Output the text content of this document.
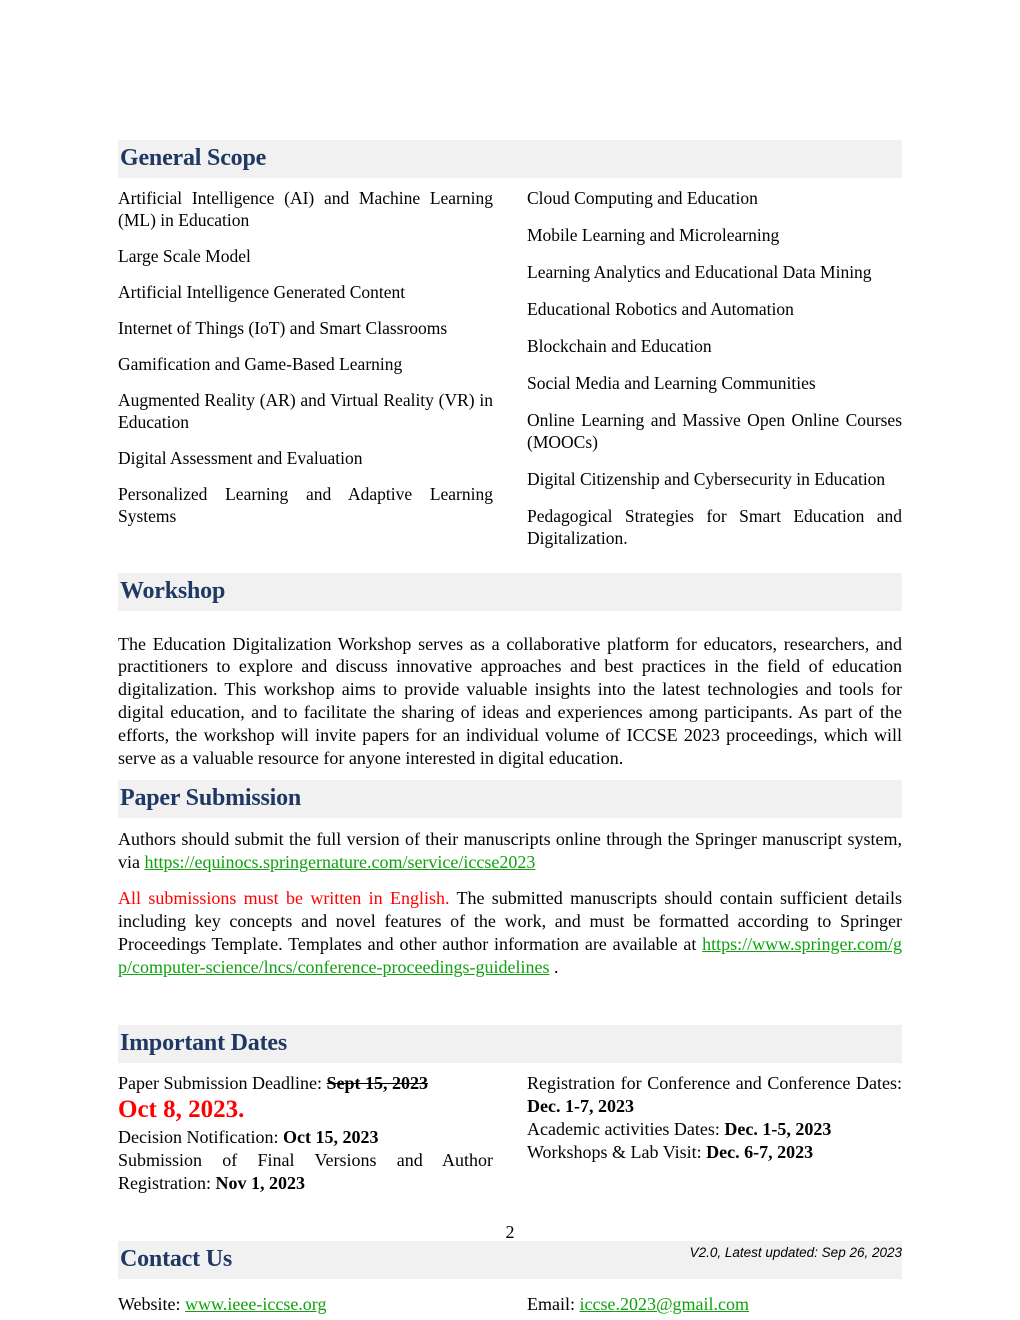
General Scope

Artificial Intelligence (AI) and Machine Learning (ML) in Education

Large Scale Model

Artificial Intelligence Generated Content

Internet of Things (IoT) and Smart Classrooms

Gamification and Game-Based Learning

Augmented Reality (AR) and Virtual Reality (VR) in Education

Digital Assessment and Evaluation

Personalized Learning and Adaptive Learning Systems

Cloud Computing and Education

Mobile Learning and Microlearning

Learning Analytics and Educational Data Mining

Educational Robotics and Automation

Blockchain and Education

Social Media and Learning Communities

Online Learning and Massive Open Online Courses (MOOCs)

Digital Citizenship and Cybersecurity in Education

Pedagogical Strategies for Smart Education and Digitalization.

Workshop

The Education Digitalization Workshop serves as a collaborative platform for educators, researchers, and practitioners to explore and discuss innovative approaches and best practices in the field of education digitalization. This workshop aims to provide valuable insights into the latest technologies and tools for digital education, and to facilitate the sharing of ideas and experiences among participants. As part of the efforts, the workshop will invite papers for an individual volume of ICCSE 2023 proceedings, which will serve as a valuable resource for anyone interested in digital education.

Paper Submission

Authors should submit the full version of their manuscripts online through the Springer manuscript system, via https://equinocs.springernature.com/service/iccse2023

All submissions must be written in English. The submitted manuscripts should contain sufficient details including key concepts and novel features of the work, and must be formatted according to Springer Proceedings Template. Templates and other author information are available at https://www.springer.com/gp/computer-science/lncs/conference-proceedings-guidelines .

Important Dates

Paper Submission Deadline: Sept 15, 2023
Oct 8, 2023.

Decision Notification: Oct 15, 2023

Submission of Final Versions and Author Registration: Nov 1, 2023

Registration for Conference and Conference Dates: Dec. 1-7, 2023

Academic activities Dates: Dec. 1-5, 2023

Workshops & Lab Visit: Dec. 6-7, 2023

Contact Us

Website: www.ieee-iccse.org	Email: iccse.2023@gmail.com

2
V2.0, Latest updated: Sep 26, 2023
